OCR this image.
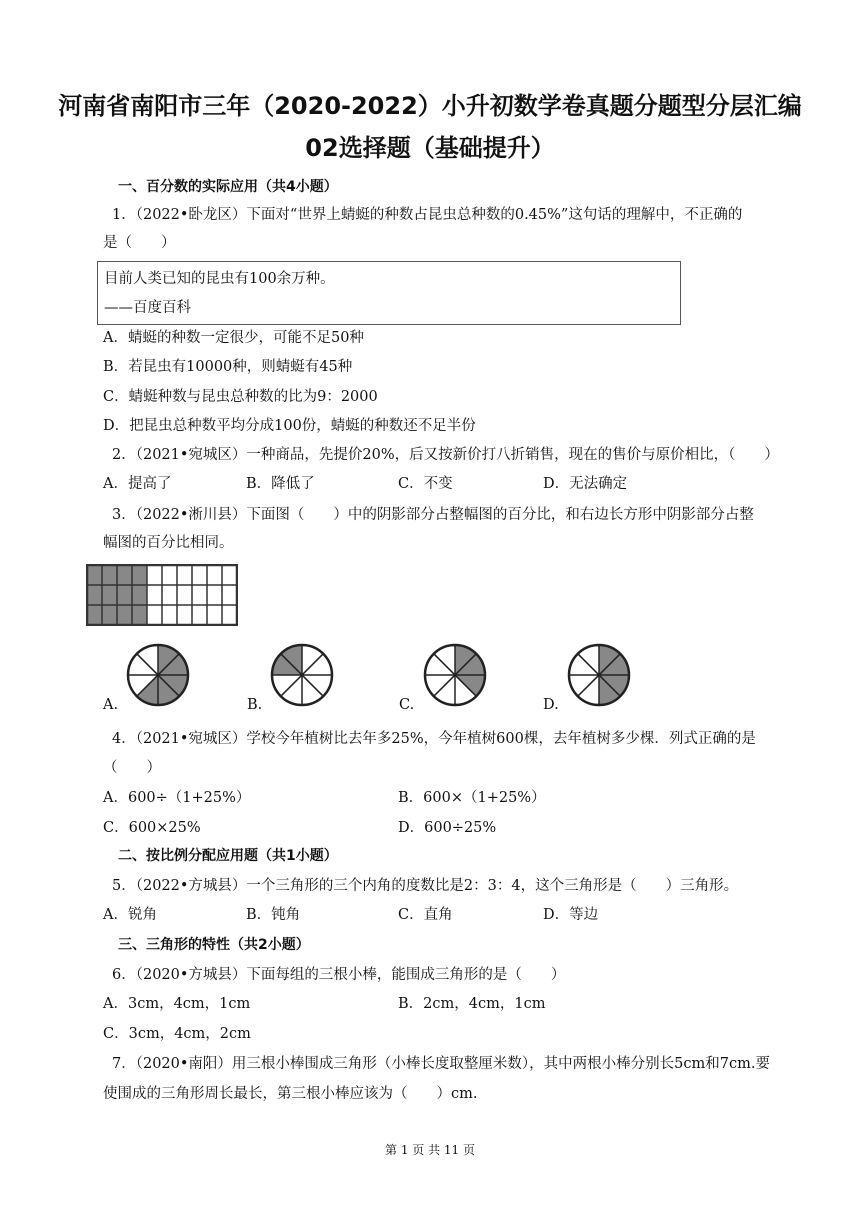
河南省南阳市三年（2020-2022）小升初数学卷真题分题型分层汇编
02选择题（基础提升）
一、百分数的实际应用（共4小题）
1．（2022•卧龙区）下面对“世界上蜻蜓的种数占昆虫总种数的0.45%”这句话的理解中，不正确的
是（　　）
目前人类已知的昆虫有100余万种。
——百度百科
A．蜻蜓的种数一定很少，可能不足50种
B．若昆虫有10000种，则蜻蜓有45种
C．蜻蜓种数与昆虫总种数的比为9：2000
D．把昆虫总种数平均分成100份，蜻蜓的种数还不足半份
2．（2021•宛城区）一种商品，先提价20%，后又按新价打八折销售，现在的售价与原价相比，（　　）
A．提高了	B．降低了	C．不变	D．无法确定
3．（2022•淅川县）下面图（　　）中的阴影部分占整幅图的百分比，和右边长方形中阴影部分占整
幅图的百分比相同。
A.	B.	C.	D.
4．（2021•宛城区）学校今年植树比去年多25%，今年植树600棵，去年植树多少棵．列式正确的是
（　　）
A．600÷（1+25%）	B．600×（1+25%）
C．600×25%	D．600÷25%
二、按比例分配应用题（共1小题）
5．（2022•方城县）一个三角形的三个内角的度数比是2：3：4，这个三角形是（　　）三角形。
A．锐角	B．钝角	C．直角	D．等边
三、三角形的特性（共2小题）
6．（2020•方城县）下面每组的三根小棒，能围成三角形的是（　　）
A．3cm，4cm，1cm	B．2cm，4cm，1cm
C．3cm，4cm，2cm
7．（2020•南阳）用三根小棒围成三角形（小棒长度取整厘米数），其中两根小棒分别长5cm和7cm.要
使围成的三角形周长最长，第三根小棒应该为（　　）cm.
第 1 页 共 11 页
